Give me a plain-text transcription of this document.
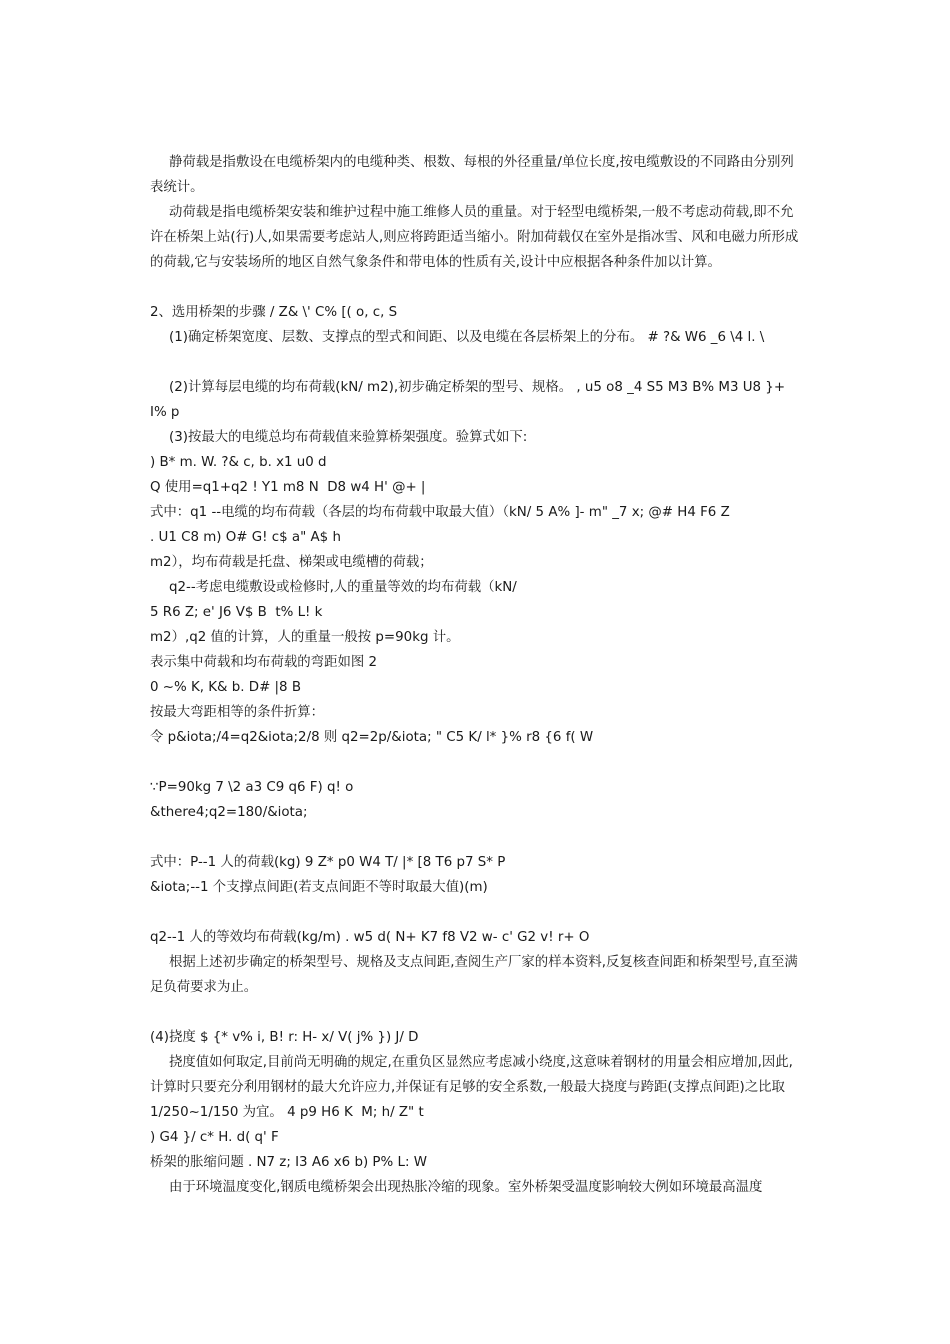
静荷载是指敷设在电缆桥架内的电缆种类、根数、每根的外径重量/单位长度,按电缆敷设的不同路由分别列表统计。

动荷载是指电缆桥架安装和维护过程中施工维修人员的重量。对于轻型电缆桥架,一般不考虑动荷载,即不允许在桥架上站(行)人,如果需要考虑站人,则应将跨距适当缩小。附加荷载仅在室外是指冰雪、风和电磁力所形成的荷载,它与安装场所的地区自然气象条件和带电体的性质有关,设计中应根据各种条件加以计算。

2、选用桥架的步骤 / Z& \' C% [( o, c, S

(1)确定桥架宽度、层数、支撑点的型式和间距、以及电缆在各层桥架上的分布。 # ?& W6 _6 \4 l. \

(2)计算每层电缆的均布荷载(kN/ m2),初步确定桥架的型号、规格。 , u5 o8 _4 S5 M3 B% M3 U8 }+ I% p

(3)按最大的电缆总均布荷载值来验算桥架强度。验算式如下:

) B* m. W. ?& c, b. x1 u0 d

Q 使用=q1+q2 ! Y1 m8 N  D8 w4 H' @+ |

式中：q1 --电缆的均布荷载（各层的均布荷载中取最大值）（kN/ 5 A% ]- m" _7 x; @# H4 F6 Z

. U1 C8 m) O# G! c$ a" A$ h

m2），均布荷载是托盘、梯架或电缆槽的荷载；

q2--考虑电缆敷设或检修时,人的重量等效的均布荷载（kN/

5 R6 Z; e' J6 V$ B  t% L! k

m2）,q2 值的计算，人的重量一般按 p=90kg 计。

表示集中荷载和均布荷载的弯距如图 2

0 ~% K, K& b. D# |8 B

按最大弯距相等的条件折算：

令 p&iota;/4=q2&iota;2/8 则 q2=2p/&iota; " C5 K/ l* }% r8 {6 f( W

∵P=90kg 7 \2 a3 C9 q6 F) q! o

&there4;q2=180/&iota;

式中：P--1 人的荷载(kg) 9 Z* p0 W4 T/ |* [8 T6 p7 S* P

&iota;--1 个支撑点间距(若支点间距不等时取最大值)(m)

q2--1 人的等效均布荷载(kg/m) . w5 d( N+ K7 f8 V2 w- c' G2 v! r+ O

根据上述初步确定的桥架型号、规格及支点间距,查阅生产厂家的样本资料,反复核查间距和桥架型号,直至满足负荷要求为止。

(4)挠度 $ {* v% i, B! r: H- x/ V( j% }) J/ D

挠度值如何取定,目前尚无明确的规定,在重负区显然应考虑减小绕度,这意味着钢材的用量会相应增加,因此,计算时只要充分利用钢材的最大允许应力,并保证有足够的安全系数,一般最大挠度与跨距(支撑点间距)之比取 1/250~1/150 为宜。 4 p9 H6 K  M; h/ Z" t

) G4 }/ c* H. d( q' F

桥架的胀缩问题 . N7 z; I3 A6 x6 b) P% L: W

由于环境温度变化,钢质电缆桥架会出现热胀冷缩的现象。室外桥架受温度影响较大例如环境最高温度
